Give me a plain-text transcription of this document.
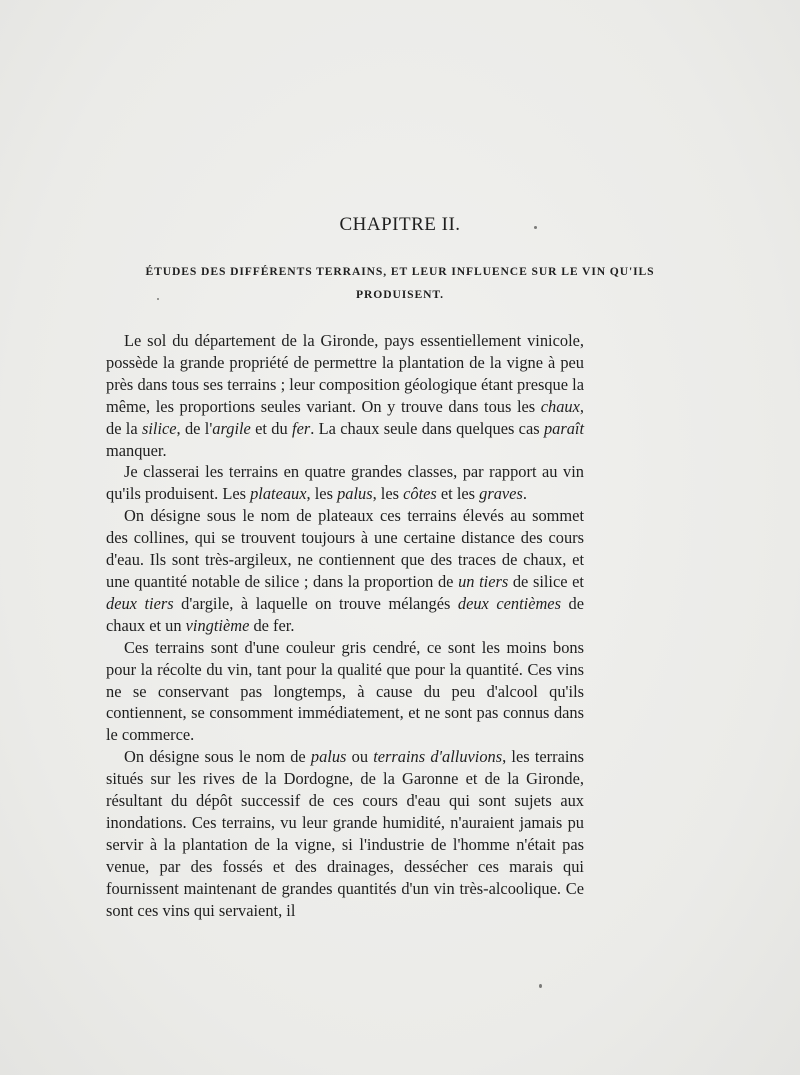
CHAPITRE II.
ÉTUDES DES DIFFÉRENTS TERRAINS, ET LEUR INFLUENCE SUR LE VIN QU'ILS PRODUISENT.

Le sol du département de la Gironde, pays essentiellement vinicole, possède la grande propriété de permettre la plantation de la vigne à peu près dans tous ses terrains ; leur composition géologique étant presque la même, les proportions seules variant. On y trouve dans tous les chaux, de la silice, de l'argile et du fer. La chaux seule dans quelques cas paraît manquer.

Je classerai les terrains en quatre grandes classes, par rapport au vin qu'ils produisent. Les plateaux, les palus, les côtes et les graves.

On désigne sous le nom de plateaux ces terrains élevés au sommet des collines, qui se trouvent toujours à une certaine distance des cours d'eau. Ils sont très-argileux, ne contiennent que des traces de chaux, et une quantité notable de silice ; dans la proportion de un tiers de silice et deux tiers d'argile, à laquelle on trouve mélangés deux centièmes de chaux et un vingtième de fer.

Ces terrains sont d'une couleur gris cendré, ce sont les moins bons pour la récolte du vin, tant pour la qualité que pour la quantité. Ces vins ne se conservant pas longtemps, à cause du peu d'alcool qu'ils contiennent, se consomment immédiatement, et ne sont pas connus dans le commerce.

On désigne sous le nom de palus ou terrains d'alluvions, les terrains situés sur les rives de la Dordogne, de la Garonne et de la Gironde, résultant du dépôt successif de ces cours d'eau qui sont sujets aux inondations. Ces terrains, vu leur grande humidité, n'auraient jamais pu servir à la plantation de la vigne, si l'industrie de l'homme n'était pas venue, par des fossés et des drainages, dessécher ces marais qui fournissent maintenant de grandes quantités d'un vin très-alcoolique. Ce sont ces vins qui servaient, il
